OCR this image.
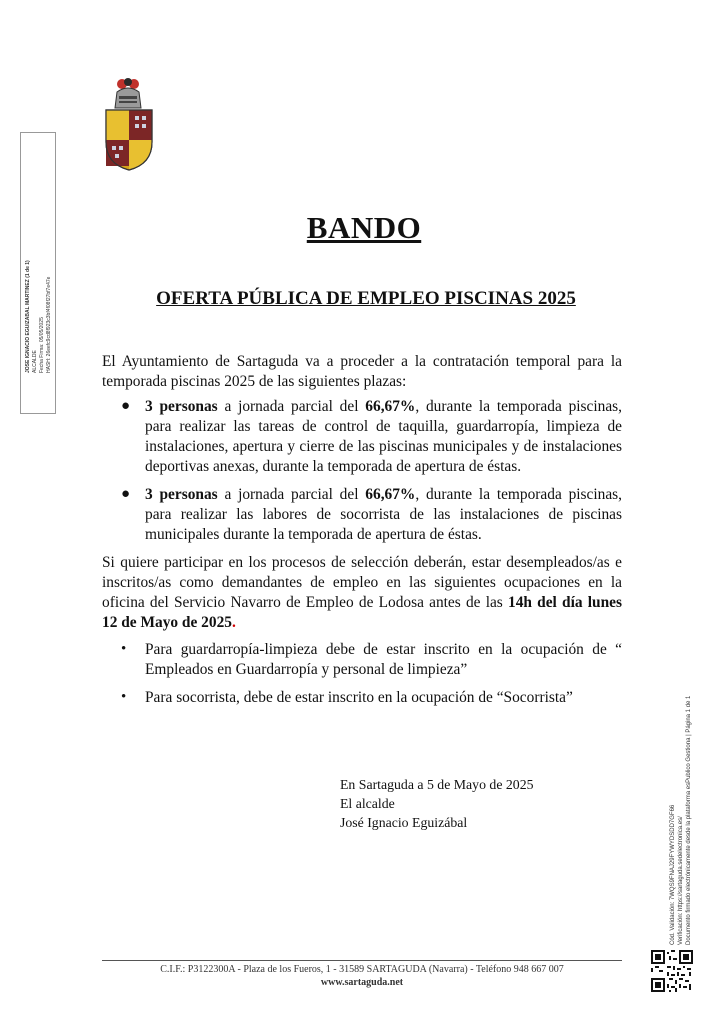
JOSE IGNACIO EGUIZABAL MARTINEZ (1 de 1) ALCALDE Fecha Firma: 05/05/2025 HASH: 26eefc9cd8f923c3bf4f08f27bf7e47e
BANDO
OFERTA PÚBLICA DE EMPLEO PISCINAS 2025

El Ayuntamiento de Sartaguda va a proceder a la contratación temporal para la temporada piscinas 2025 de las siguientes plazas:

● 3 personas a jornada parcial del 66,67%, durante la temporada piscinas, para realizar las tareas de control de taquilla, guardarropía, limpieza de instalaciones, apertura y cierre de las piscinas municipales y de instalaciones deportivas anexas, durante la temporada de apertura de éstas.
● 3 personas a jornada parcial del 66,67%, durante la temporada piscinas, para realizar las labores de socorrista de las instalaciones de piscinas municipales durante la temporada de apertura de éstas.

Si quiere participar en los procesos de selección deberán, estar desempleados/as e inscritos/as como demandantes de empleo en las siguientes ocupaciones en la oficina del Servicio Navarro de Empleo de Lodosa antes de las 14h del día lunes 12 de Mayo de 2025.

• Para guardarropía-limpieza debe de estar inscrito en la ocupación de “ Empleados en Guardarropía y personal de limpieza”
• Para socorrista, debe de estar inscrito en la ocupación de “Socorrista”
En Sartaguda a 5 de Mayo de 2025
El alcalde
José Ignacio Eguizábal
C.I.F.: P3122300A - Plaza de los Fueros, 1 - 31589 SARTAGUDA (Navarra) - Teléfono 948 667 007
www.sartaguda.net
Cód. Validación: 7WQS9FNAJ29FYWYDSDD7GF66 Verificación: https://sartaguda.sedelectronica.es/ Documento firmado electrónicamente desde la plataforma esPublico Gestiona | Página 1 de 1
